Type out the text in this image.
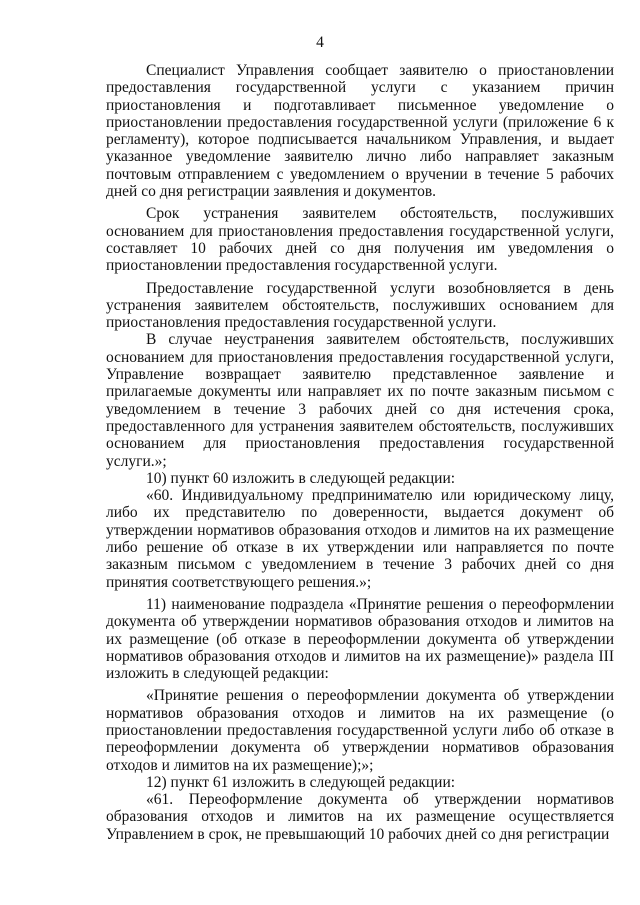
4

Специалист Управления сообщает заявителю о приостановлении предоставления государственной услуги с указанием причин приостановления и подготавливает письменное уведомление о приостановлении предоставления государственной услуги (приложение 6 к регламенту), которое подписывается начальником Управления, и выдает указанное уведомление заявителю лично либо направляет заказным почтовым отправлением с уведомлением о вручении в течение 5 рабочих дней со дня регистрации заявления и документов.

Срок устранения заявителем обстоятельств, послуживших основанием для приостановления предоставления государственной услуги, составляет 10 рабочих дней со дня получения им уведомления о приостановлении предоставления государственной услуги.

Предоставление государственной услуги возобновляется в день устранения заявителем обстоятельств, послуживших основанием для приостановления предоставления государственной услуги.

В случае неустранения заявителем обстоятельств, послуживших основанием для приостановления предоставления государственной услуги, Управление возвращает заявителю представленное заявление и прилагаемые документы или направляет их по почте заказным письмом с уведомлением в течение 3 рабочих дней со дня истечения срока, предоставленного для устранения заявителем обстоятельств, послуживших основанием для приостановления предоставления государственной услуги.»;

10) пункт 60 изложить в следующей редакции:

«60. Индивидуальному предпринимателю или юридическому лицу, либо их представителю по доверенности, выдается документ об утверждении нормативов образования отходов и лимитов на их размещение либо решение об отказе в их утверждении или направляется по почте заказным письмом с уведомлением в течение 3 рабочих дней со дня принятия соответствующего решения.»;

11) наименование подраздела «Принятие решения о переоформлении документа об утверждении нормативов образования отходов и лимитов на их размещение (об отказе в переоформлении документа об утверждении нормативов образования отходов и лимитов на их размещение)» раздела III изложить в следующей редакции:

«Принятие решения о переоформлении документа об утверждении нормативов образования отходов и лимитов на их размещение (о приостановлении предоставления государственной услуги либо об отказе в переоформлении документа об утверждении нормативов образования отходов и лимитов на их размещение);»;

12) пункт 61 изложить в следующей редакции:

«61. Переоформление документа об утверждении нормативов образования отходов и лимитов на их размещение осуществляется Управлением в срок, не превышающий 10 рабочих дней со дня регистрации
